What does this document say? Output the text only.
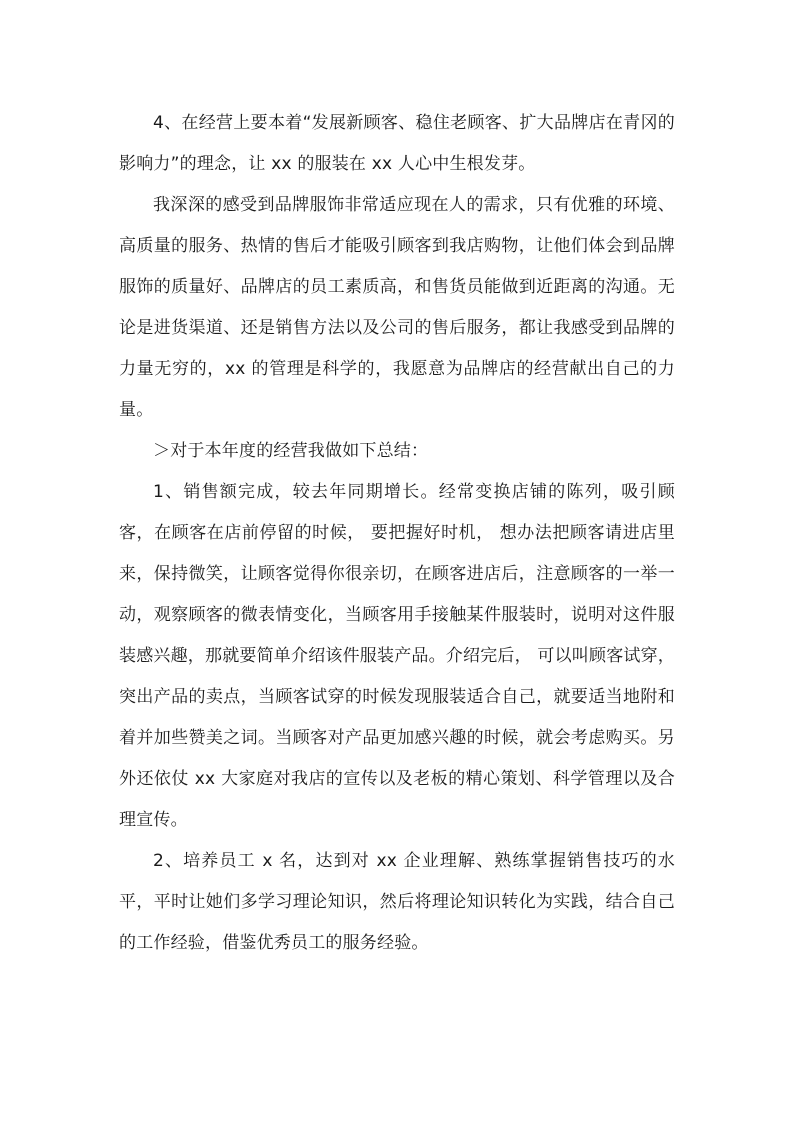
4、在经营上要本着“发展新顾客、稳住老顾客、扩大品牌店在青冈的影响力”的理念，让 xx 的服装在 xx 人心中生根发芽。

我深深的感受到品牌服饰非常适应现在人的需求，只有优雅的环境、高质量的服务、热情的售后才能吸引顾客到我店购物，让他们体会到品牌服饰的质量好、品牌店的员工素质高，和售货员能做到近距离的沟通。无论是进货渠道、还是销售方法以及公司的售后服务，都让我感受到品牌的力量无穷的，xx 的管理是科学的，我愿意为品牌店的经营献出自己的力量。

＞对于本年度的经营我做如下总结：

1、销售额完成，较去年同期增长。经常变换店铺的陈列，吸引顾客，在顾客在店前停留的时候， 要把握好时机， 想办法把顾客请进店里来，保持微笑，让顾客觉得你很亲切，在顾客进店后，注意顾客的一举一动，观察顾客的微表情变化，当顾客用手接触某件服装时，说明对这件服装感兴趣，那就要简单介绍该件服装产品。介绍完后， 可以叫顾客试穿，突出产品的卖点，当顾客试穿的时候发现服装适合自己，就要适当地附和着并加些赞美之词。当顾客对产品更加感兴趣的时候，就会考虑购买。另外还依仗 xx 大家庭对我店的宣传以及老板的精心策划、科学管理以及合理宣传。

2、培养员工 x 名，达到对 xx 企业理解、熟练掌握销售技巧的水平，平时让她们多学习理论知识，然后将理论知识转化为实践，结合自己的工作经验，借鉴优秀员工的服务经验。
